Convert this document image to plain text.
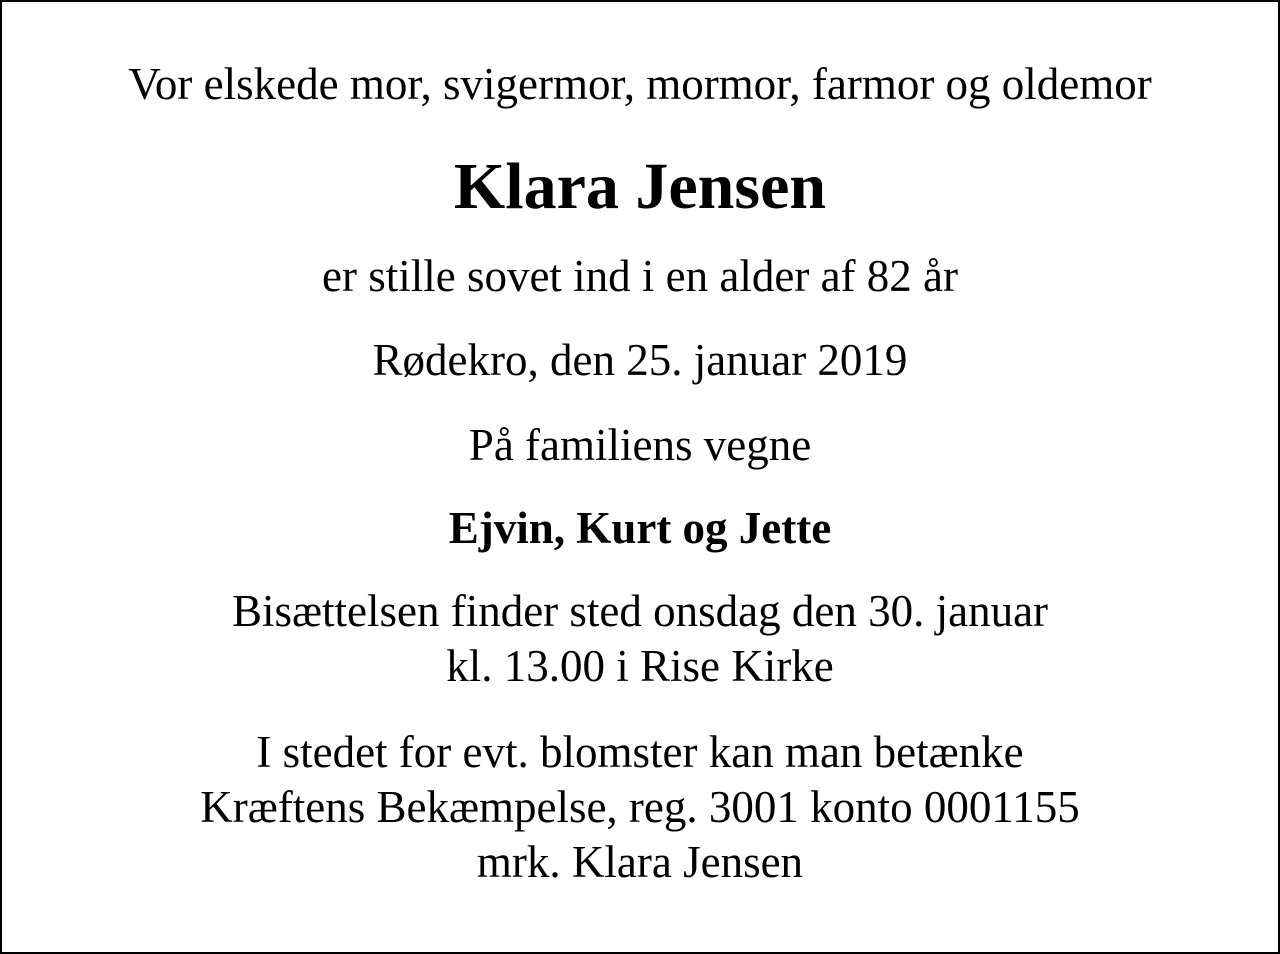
Vor elskede mor, svigermor, mormor, farmor og oldemor

Klara Jensen

er stille sovet ind i en alder af 82 år

Rødekro, den 25. januar 2019

På familiens vegne

Ejvin, Kurt og Jette

Bisættelsen finder sted onsdag den 30. januar
kl. 13.00 i Rise Kirke

I stedet for evt. blomster kan man betænke
Kræftens Bekæmpelse, reg. 3001 konto 0001155
mrk. Klara Jensen
